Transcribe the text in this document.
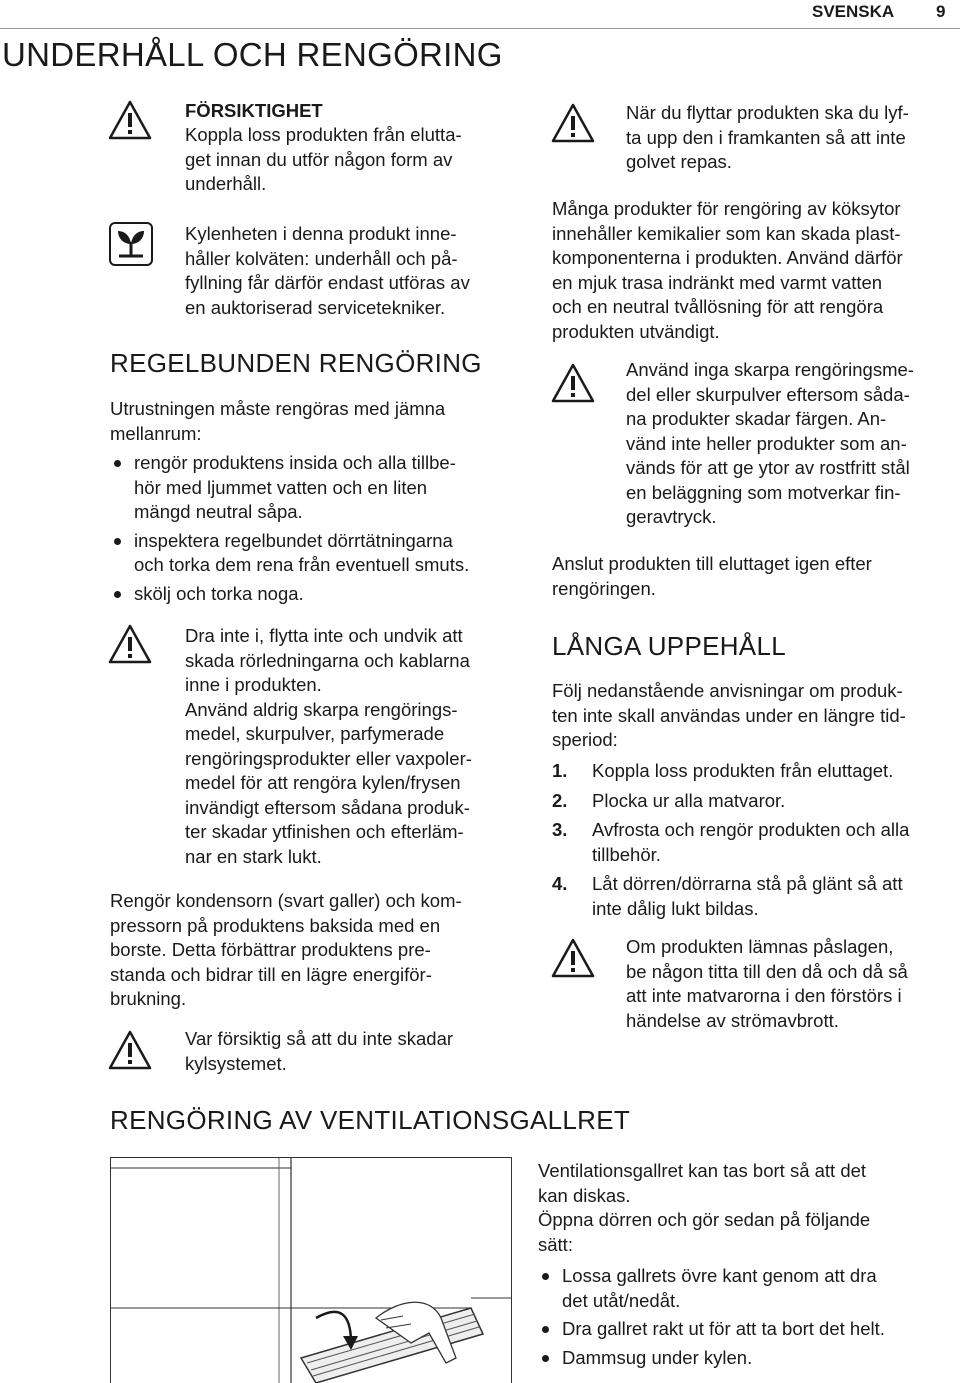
SVENSKA 9
UNDERHÅLL OCH RENGÖRING
FÖRSIKTIGHET
Koppla loss produkten från elutta-
get innan du utför någon form av
underhåll.
Kylenheten i denna produkt inne-
håller kolväten: underhåll och på-
fyllning får därför endast utföras av
en auktoriserad servicetekniker.
REGELBUNDEN RENGÖRING
Utrustningen måste rengöras med jämna
mellanrum:
rengör produktens insida och alla tillbe-
hör med ljummet vatten och en liten
mängd neutral såpa.
inspektera regelbundet dörrtätningarna
och torka dem rena från eventuell smuts.
skölj och torka noga.
Dra inte i, flytta inte och undvik att
skada rörledningarna och kablarna
inne i produkten.
Använd aldrig skarpa rengörings-
medel, skurpulver, parfymerade
rengöringsprodukter eller vaxpoler-
medel för att rengöra kylen/frysen
invändigt eftersom sådana produk-
ter skadar ytfinishen och efterläm-
nar en stark lukt.
Rengör kondensorn (svart galler) och kom-
pressorn på produktens baksida med en
borste. Detta förbättrar produktens pre-
standa och bidrar till en lägre energiför-
brukning.
Var försiktig så att du inte skadar
kylsystemet.
När du flyttar produkten ska du lyf-
ta upp den i framkanten så att inte
golvet repas.
Många produkter för rengöring av köksytor
innehåller kemikalier som kan skada plast-
komponenterna i produkten. Använd därför
en mjuk trasa indränkt med varmt vatten
och en neutral tvållösning för att rengöra
produkten utvändigt.
Använd inga skarpa rengöringsme-
del eller skurpulver eftersom såda-
na produkter skadar färgen. An-
vänd inte heller produkter som an-
vänds för att ge ytor av rostfritt stål
en beläggning som motverkar fin-
geravtryck.
Anslut produkten till eluttaget igen efter
rengöringen.
LÅNGA UPPEHÅLL
Följ nedanstående anvisningar om produk-
ten inte skall användas under en längre tid-
speriod:
1. Koppla loss produkten från eluttaget.
2. Plocka ur alla matvaror.
3. Avfrosta och rengör produkten och alla
tillbehör.
4. Låt dörren/dörrarna stå på glänt så att
inte dålig lukt bildas.
Om produkten lämnas påslagen,
be någon titta till den då och då så
att inte matvarorna i den förstörs i
händelse av strömavbrott.
RENGÖRING AV VENTILATIONSGALLRET
Ventilationsgallret kan tas bort så att det
kan diskas.
Öppna dörren och gör sedan på följande
sätt:
Lossa gallrets övre kant genom att dra
det utåt/nedåt.
Dra gallret rakt ut för att ta bort det helt.
Dammsug under kylen.
